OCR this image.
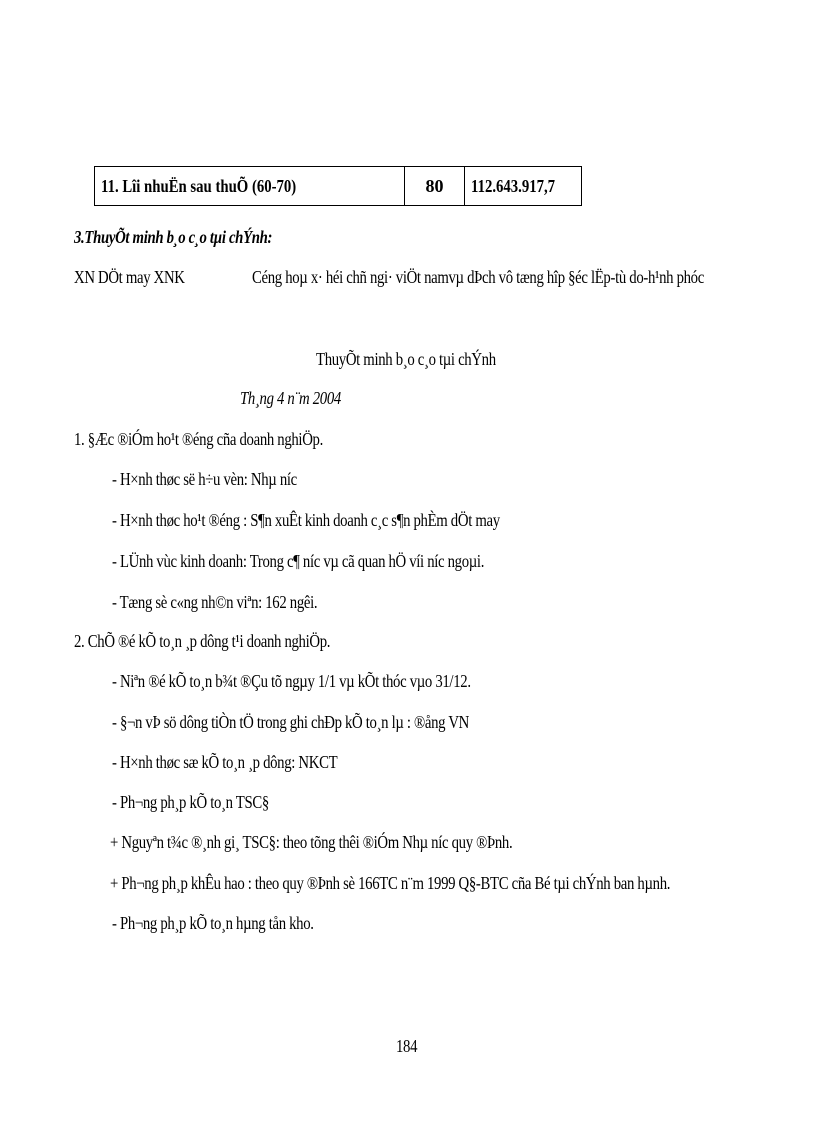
11. Lîi nhuËn sau thuÕ (60-70)	80	112.643.917,7
3.ThuyÕt minh b¸o c¸o tµi chÝnh:
XN DÖt may XNK	Céng hoµ x· héi chñ ngi· viÖt namvµ dÞch vô tæng hîp §éc lËp-tù do-h¹nh phóc
ThuyÕt minh b¸o c¸o tµi chÝnh
Th¸ng 4 n¨m 2004
1. §Æc ®iÓm ho¹t ®éng cña doanh nghiÖp.
- H×nh thøc së h÷u vèn: Nhµ níc
- H×nh thøc ho¹t ®éng : S¶n xuÊt kinh doanh c¸c s¶n phÈm dÖt may
- LÜnh vùc kinh doanh: Trong c¶ níc vµ cã quan hÖ víi níc ngoµi.
- Tæng sè c«ng nh©n viªn: 162 ngêi.
2. ChÕ ®é kÕ to¸n ¸p dông t¹i doanh nghiÖp.
- Niªn ®é kÕ to¸n b¾t ®Çu tõ ngµy 1/1 vµ kÕt thóc vµo 31/12.
- §¬n vÞ sö dông tiÒn tÖ trong ghi chÐp kÕ to¸n lµ : ®ång VN
- H×nh thøc sæ kÕ to¸n ¸p dông: NKCT
- Ph¬ng ph¸p kÕ to¸n TSC§
+ Nguyªn t¾c ®¸nh gi¸ TSC§: theo tõng thêi ®iÓm Nhµ níc quy ®Þnh.
+ Ph¬ng ph¸p khÊu hao : theo quy ®Þnh sè 166TC n¨m 1999 Q§-BTC cña Bé tµi chÝnh ban hµnh.
- Ph¬ng ph¸p kÕ to¸n hµng tån kho.
184
